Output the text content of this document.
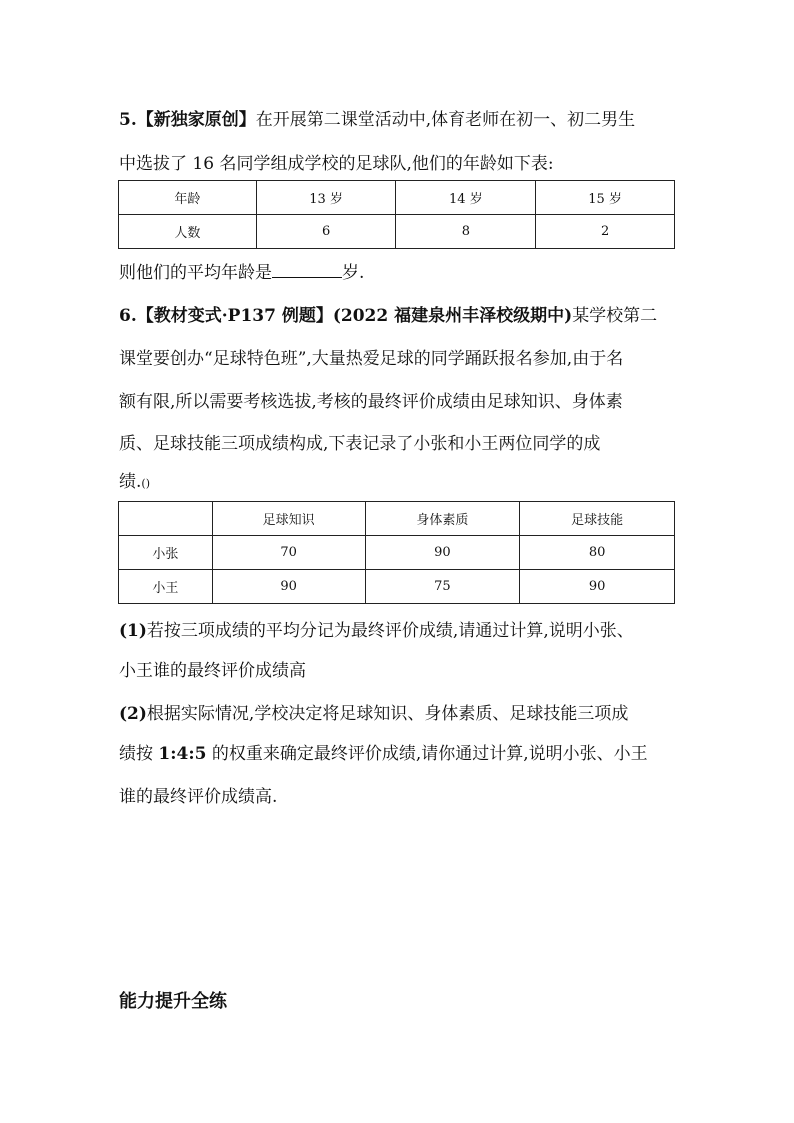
5.【新独家原创】在开展第二课堂活动中,体育老师在初一、初二男生
中选拔了 16 名同学组成学校的足球队,他们的年龄如下表:
年龄	13 岁	14 岁	15 岁
人数	6	8	2
则他们的平均年龄是	岁.
6.【教材变式·P137 例题】(2022 福建泉州丰泽校级期中)某学校第二
课堂要创办“足球特色班”,大量热爱足球的同学踊跃报名参加,由于名
额有限,所以需要考核选拔,考核的最终评价成绩由足球知识、身体素
质、足球技能三项成绩构成,下表记录了小张和小王两位同学的成
绩.()
	足球知识	身体素质	足球技能
小张	70	90	80
小王	90	75	90
(1)若按三项成绩的平均分记为最终评价成绩,请通过计算,说明小张、
小王谁的最终评价成绩高
(2)根据实际情况,学校决定将足球知识、身体素质、足球技能三项成
绩按 1:4:5 的权重来确定最终评价成绩,请你通过计算,说明小张、小王
谁的最终评价成绩高.
能力提升全练
